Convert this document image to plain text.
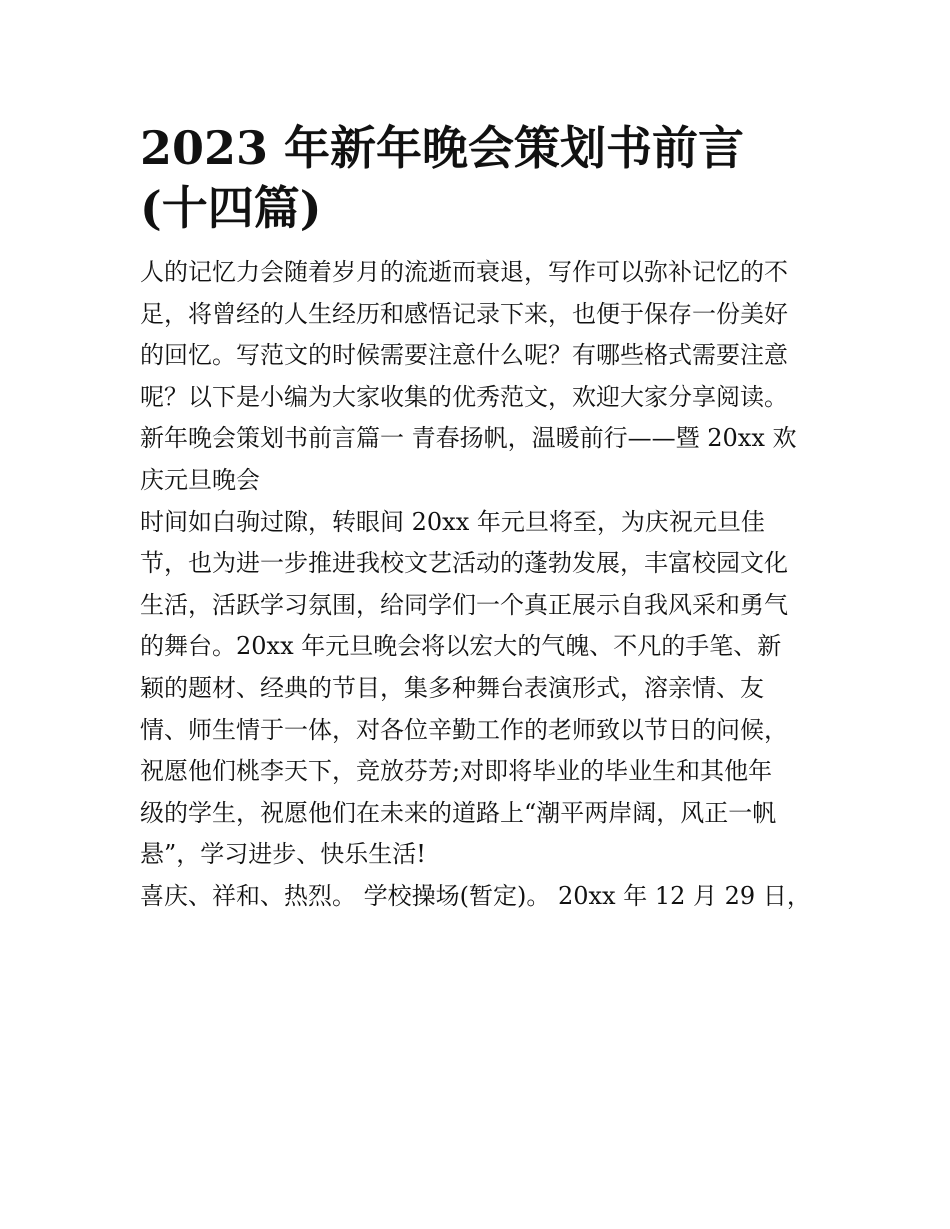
2023 年新年晚会策划书前言
(十四篇)

人的记忆力会随着岁月的流逝而衰退，写作可以弥补记忆的不
足，将曾经的人生经历和感悟记录下来，也便于保存一份美好
的回忆。写范文的时候需要注意什么呢？有哪些格式需要注意
呢？以下是小编为大家收集的优秀范文，欢迎大家分享阅读。

新年晚会策划书前言篇一 青春扬帆，温暖前行——暨 20xx 欢
庆元旦晚会

时间如白驹过隙，转眼间 20xx 年元旦将至，为庆祝元旦佳
节，也为进一步推进我校文艺活动的蓬勃发展，丰富校园文化
生活，活跃学习氛围，给同学们一个真正展示自我风采和勇气
的舞台。20xx 年元旦晚会将以宏大的气魄、不凡的手笔、新
颖的题材、经典的节目，集多种舞台表演形式，溶亲情、友
情、师生情于一体，对各位辛勤工作的老师致以节日的问候，
祝愿他们桃李天下，竞放芬芳;对即将毕业的毕业生和其他年
级的学生，祝愿他们在未来的道路上“潮平两岸阔，风正一帆
悬”，学习进步、快乐生活!

喜庆、祥和、热烈。 学校操场(暂定)。 20xx 年 12 月 29 日，
